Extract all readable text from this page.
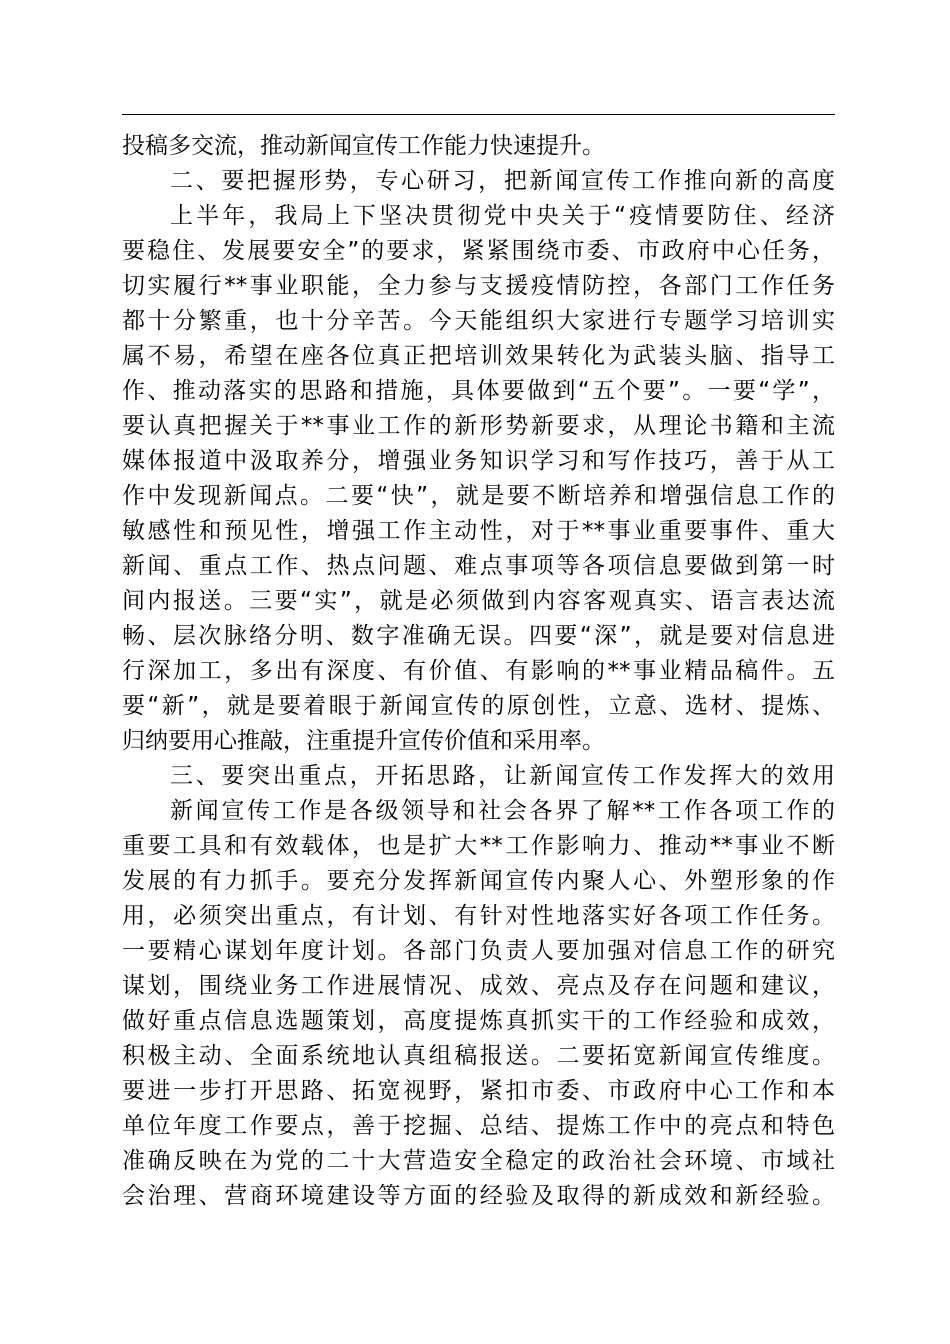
投稿多交流，推动新闻宣传工作能力快速提升。
二、要把握形势，专心研习，把新闻宣传工作推向新的高度
上半年，我局上下坚决贯彻党中央关于“疫情要防住、经济
要稳住、发展要安全”的要求，紧紧围绕市委、市政府中心任务，
切实履行**事业职能，全力参与支援疫情防控，各部门工作任务
都十分繁重，也十分辛苦。今天能组织大家进行专题学习培训实
属不易，希望在座各位真正把培训效果转化为武装头脑、指导工
作、推动落实的思路和措施，具体要做到“五个要”。一要“学”，
要认真把握关于**事业工作的新形势新要求，从理论书籍和主流
媒体报道中汲取养分，增强业务知识学习和写作技巧，善于从工
作中发现新闻点。二要“快”，就是要不断培养和增强信息工作的
敏感性和预见性，增强工作主动性，对于**事业重要事件、重大
新闻、重点工作、热点问题、难点事项等各项信息要做到第一时
间内报送。三要“实”，就是必须做到内容客观真实、语言表达流
畅、层次脉络分明、数字准确无误。四要“深”，就是要对信息进
行深加工，多出有深度、有价值、有影响的**事业精品稿件。五
要“新”，就是要着眼于新闻宣传的原创性，立意、选材、提炼、
归纳要用心推敲，注重提升宣传价值和采用率。
三、要突出重点，开拓思路，让新闻宣传工作发挥大的效用
新闻宣传工作是各级领导和社会各界了解**工作各项工作的
重要工具和有效载体，也是扩大**工作影响力、推动**事业不断
发展的有力抓手。要充分发挥新闻宣传内聚人心、外塑形象的作
用，必须突出重点，有计划、有针对性地落实好各项工作任务。
一要精心谋划年度计划。各部门负责人要加强对信息工作的研究
谋划，围绕业务工作进展情况、成效、亮点及存在问题和建议，
做好重点信息选题策划，高度提炼真抓实干的工作经验和成效，
积极主动、全面系统地认真组稿报送。二要拓宽新闻宣传维度。
要进一步打开思路、拓宽视野，紧扣市委、市政府中心工作和本
单位年度工作要点，善于挖掘、总结、提炼工作中的亮点和特色
准确反映在为党的二十大营造安全稳定的政治社会环境、市域社
会治理、营商环境建设等方面的经验及取得的新成效和新经验。
